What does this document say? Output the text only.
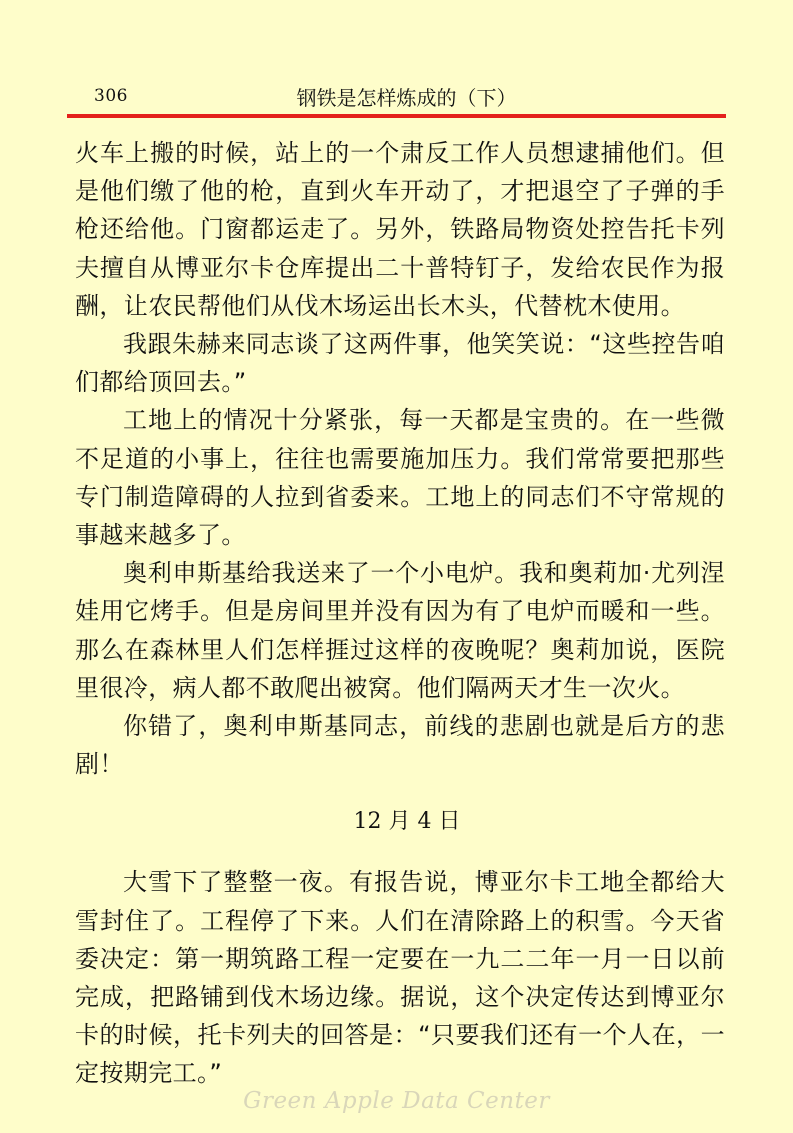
306	钢铁是怎样炼成的（下）

火车上搬的时候，站上的一个肃反工作人员想逮捕他们。但是他们缴了他的枪，直到火车开动了，才把退空了子弹的手枪还给他。门窗都运走了。另外，铁路局物资处控告托卡列夫擅自从博亚尔卡仓库提出二十普特钉子，发给农民作为报酬，让农民帮他们从伐木场运出长木头，代替枕木使用。

我跟朱赫来同志谈了这两件事，他笑笑说：“这些控告咱们都给顶回去。”

工地上的情况十分紧张，每一天都是宝贵的。在一些微不足道的小事上，往往也需要施加压力。我们常常要把那些专门制造障碍的人拉到省委来。工地上的同志们不守常规的事越来越多了。

奥利申斯基给我送来了一个小电炉。我和奥莉加·尤列涅娃用它烤手。但是房间里并没有因为有了电炉而暖和一些。那么在森林里人们怎样捱过这样的夜晚呢？奥莉加说，医院里很冷，病人都不敢爬出被窝。他们隔两天才生一次火。

你错了，奥利申斯基同志，前线的悲剧也就是后方的悲剧！

12 月 4 日

大雪下了整整一夜。有报告说，博亚尔卡工地全都给大雪封住了。工程停了下来。人们在清除路上的积雪。今天省委决定：第一期筑路工程一定要在一九二二年一月一日以前完成，把路铺到伐木场边缘。据说，这个决定传达到博亚尔卡的时候，托卡列夫的回答是：“只要我们还有一个人在，一定按期完工。”

Green Apple Data Center
